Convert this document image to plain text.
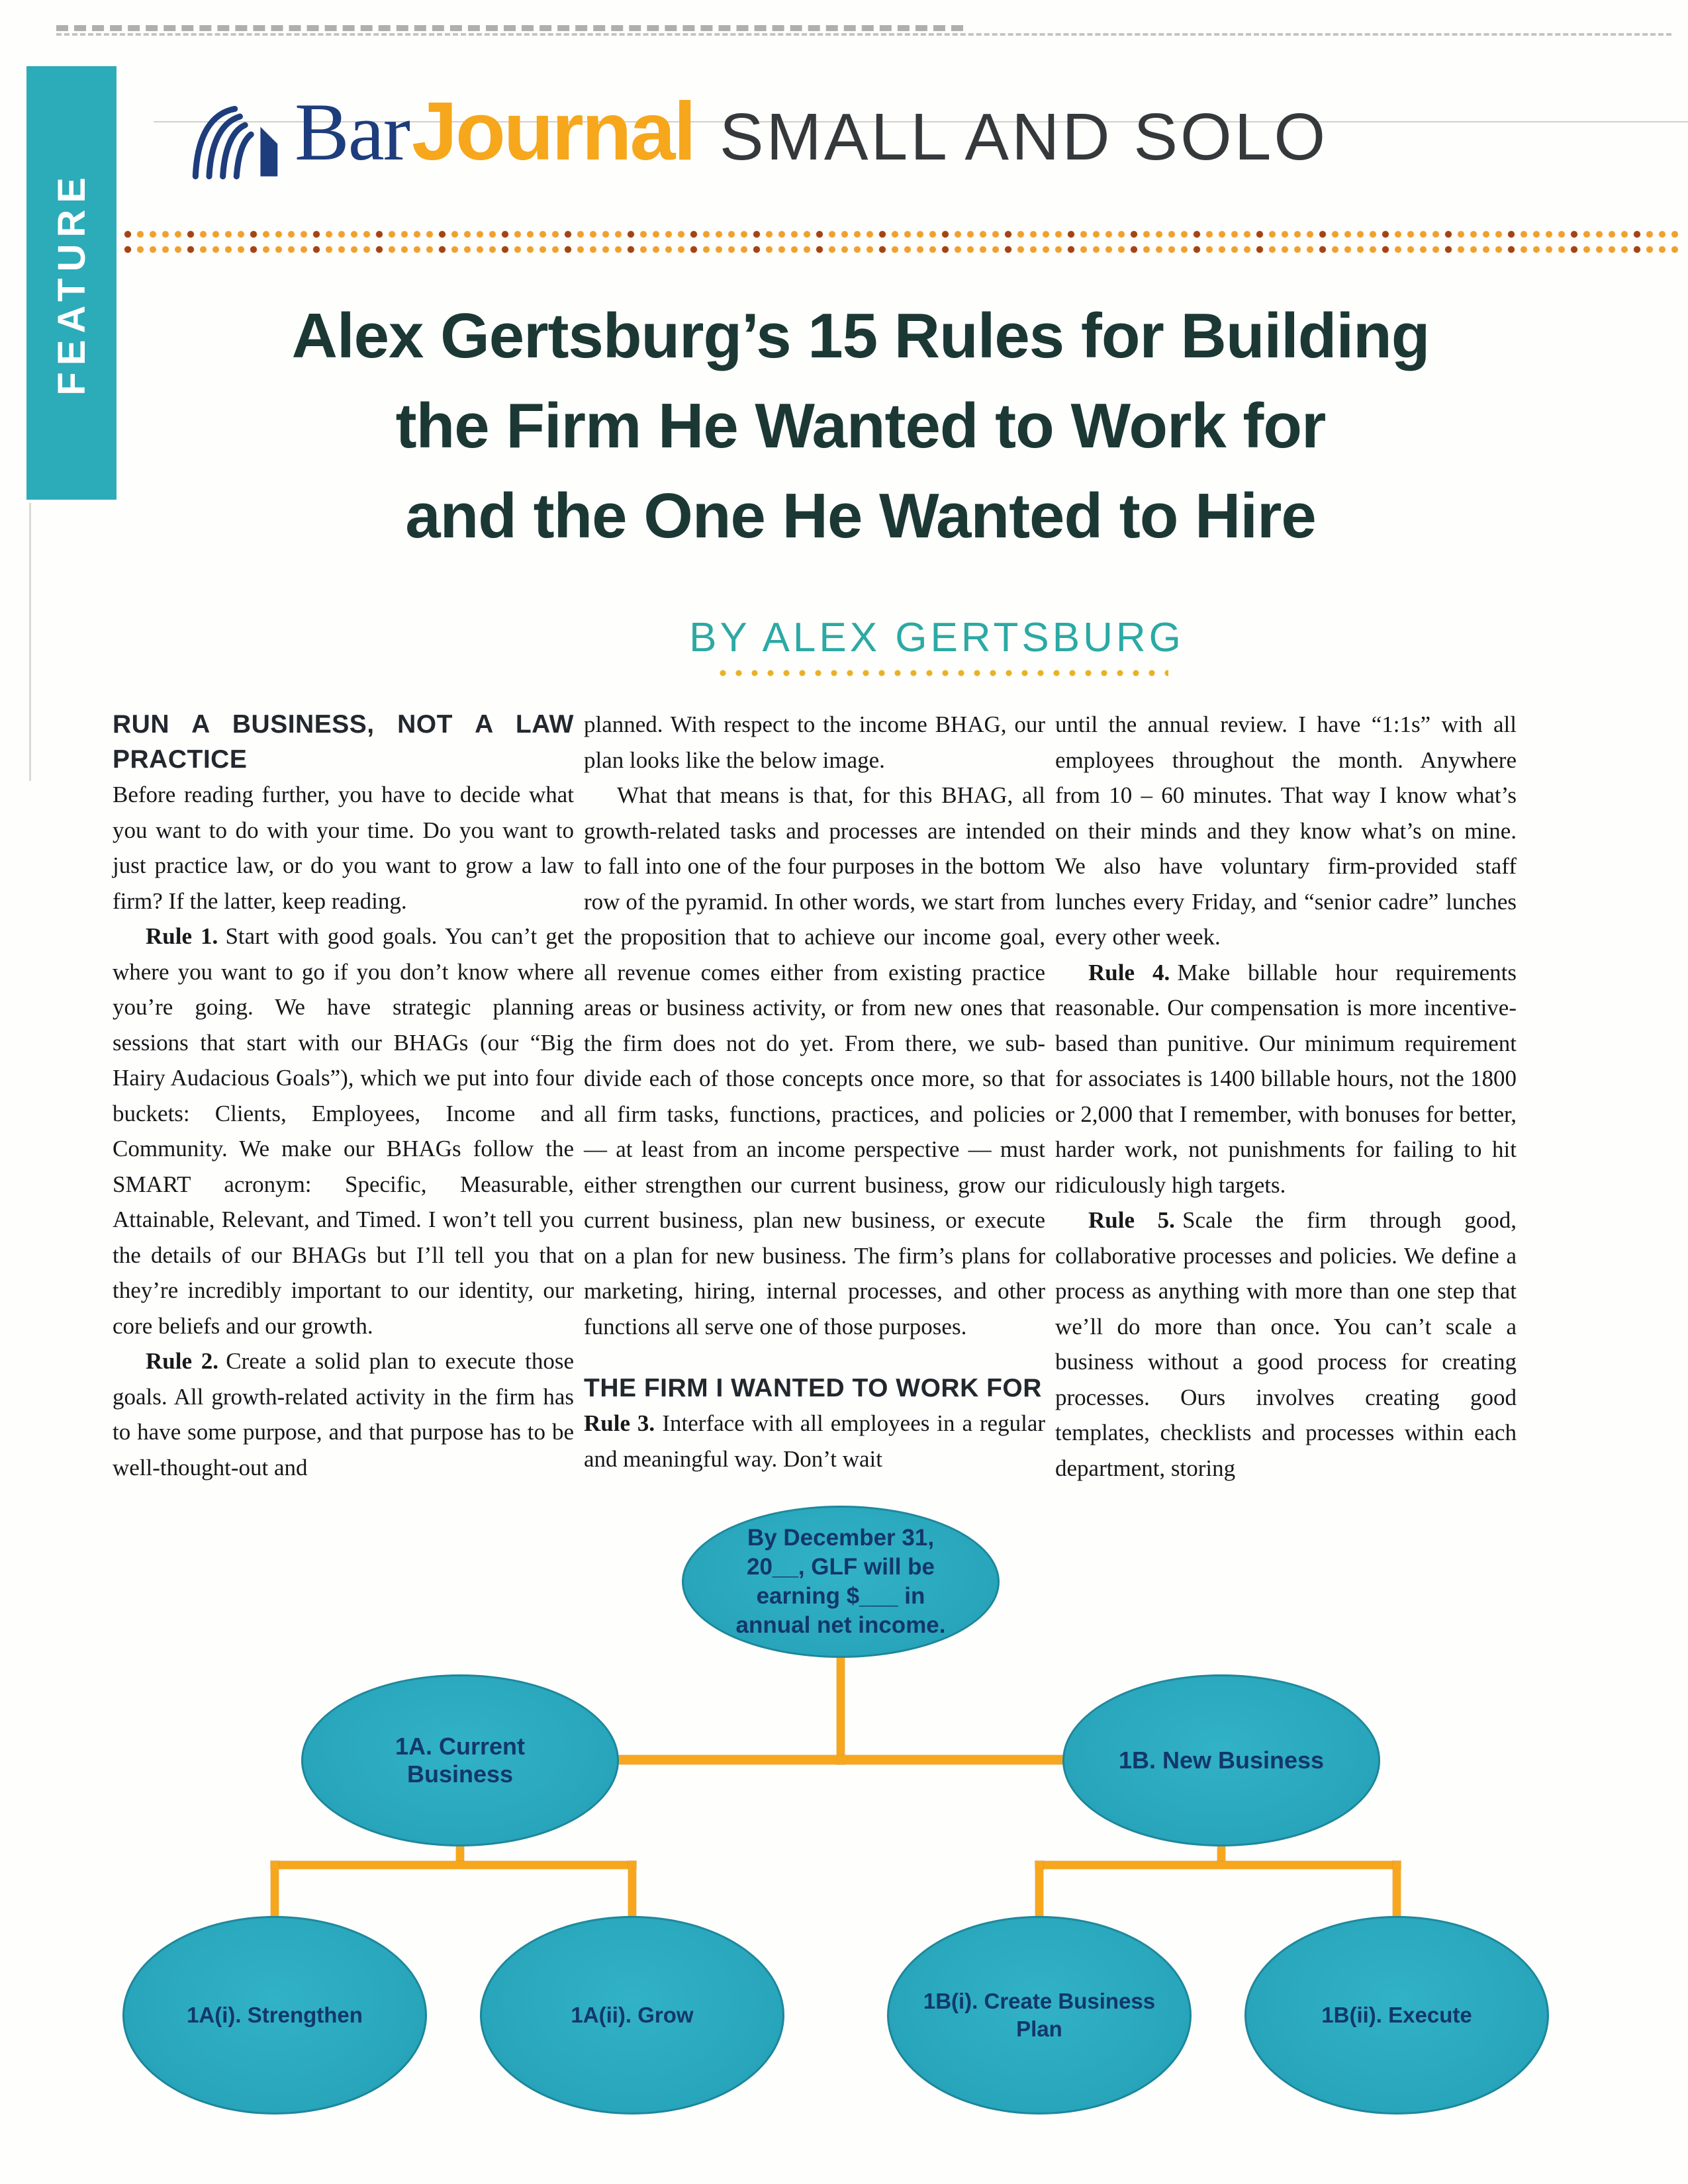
FEATURE
Bar Journal SMALL AND SOLO
Alex Gertsburg’s 15 Rules for Building
the Firm He Wanted to Work for
and the One He Wanted to Hire
BY ALEX GERTSBURG
RUN A BUSINESS, NOT A LAW PRACTICE

Before reading further, you have to decide what you want to do with your time. Do you want to just practice law, or do you want to grow a law firm? If the latter, keep reading.

Rule 1. Start with good goals. You can’t get where you want to go if you don’t know where you’re going. We have strategic planning sessions that start with our BHAGs (our “Big Hairy Audacious Goals”), which we put into four buckets: Clients, Employees, Income and Community. We make our BHAGs follow the SMART acronym: Specific, Measurable, Attainable, Relevant, and Timed. I won’t tell you the details of our BHAGs but I’ll tell you that they’re incredibly important to our identity, our core beliefs and our growth.

Rule 2. Create a solid plan to execute those goals. All growth-related activity in the firm has to have some purpose, and that purpose has to be well-thought-out and

planned. With respect to the income BHAG, our plan looks like the below image.

What that means is that, for this BHAG, all growth-related tasks and processes are intended to fall into one of the four purposes in the bottom row of the pyramid. In other words, we start from the proposition that to achieve our income goal, all revenue comes either from existing practice areas or business activity, or from new ones that the firm does not do yet. From there, we sub-divide each of those concepts once more, so that all firm tasks, functions, practices, and policies — at least from an income perspective — must either strengthen our current business, grow our current business, plan new business, or execute on a plan for new business. The firm’s plans for marketing, hiring, internal processes, and other functions all serve one of those purposes.

THE FIRM I WANTED TO WORK FOR

Rule 3. Interface with all employees in a regular and meaningful way. Don’t wait

until the annual review. I have “1:1s” with all employees throughout the month. Anywhere from 10 – 60 minutes. That way I know what’s on their minds and they know what’s on mine. We also have voluntary firm-provided staff lunches every Friday, and “senior cadre” lunches every other week.

Rule 4. Make billable hour requirements reasonable. Our compensation is more incentive-based than punitive. Our minimum requirement for associates is 1400 billable hours, not the 1800 or 2,000 that I remember, with bonuses for better, harder work, not punishments for failing to hit ridiculously high targets.

Rule 5. Scale the firm through good, collaborative processes and policies. We define a process as anything with more than one step that we’ll do more than once. You can’t scale a business without a good process for creating processes. Ours involves creating good templates, checklists and processes within each department, storing

By December 31, 20__, GLF will be earning $___ in annual net income.
1A. Current Business
1B. New Business
1A(i). Strengthen	1A(ii). Grow
1B(i). Create Business Plan
1B(ii). Execute
